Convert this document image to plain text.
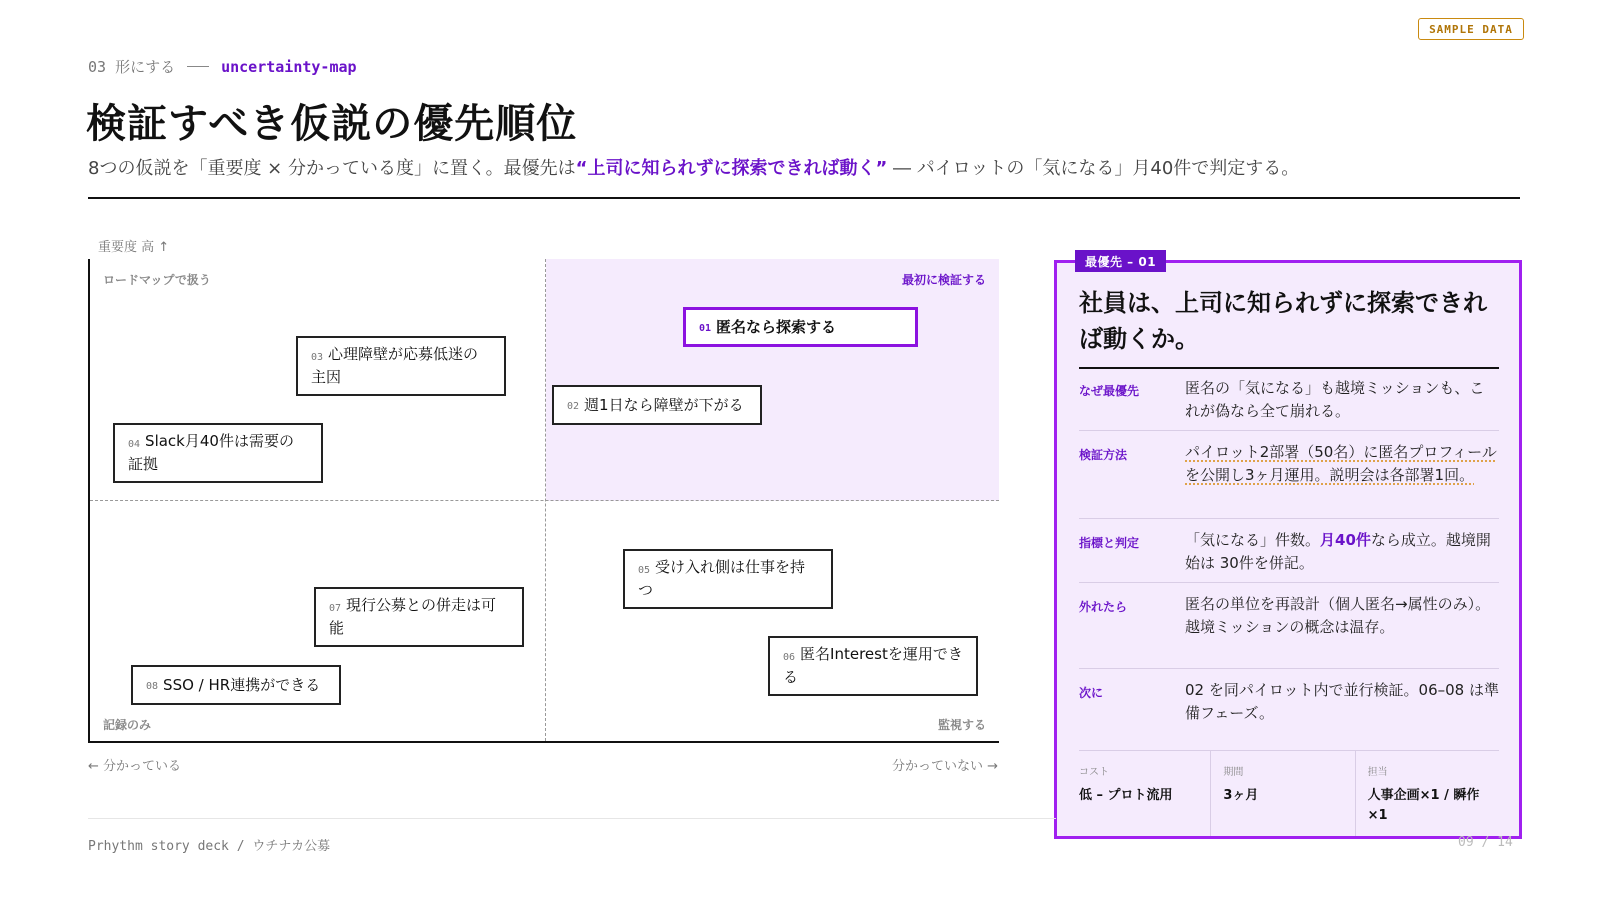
SAMPLE DATA
03 形にする	uncertainty-map
検証すべき仮説の優先順位
8つの仮説を「重要度 × 分かっている度」に置く。最優先は“上司に知られずに探索できれば動く” ― パイロットの「気になる」月40件で判定する。
重要度 高 ↑
ロードマップで扱う	最初に検証する
記録のみ	監視する
01 匿名なら探索する
02 週1日なら障壁が下がる
03 心理障壁が応募低迷の主因
04 Slack月40件は需要の証拠
05 受け入れ側は仕事を持つ
06 匿名Interestを運用できる
07 現行公募との併走は可能
08 SSO / HR連携ができる
← 分かっている	分かっていない →
最優先 – 01
社員は、上司に知られずに探索できれば動くか。
なぜ最優先	匿名の「気になる」も越境ミッションも、これが偽なら全て崩れる。
検証方法	パイロット2部署（50名）に匿名プロフィールを公開し3ヶ月運用。説明会は各部署1回。
指標と判定	「気になる」件数。月40件なら成立。越境開始は 30件を併記。
外れたら	匿名の単位を再設計（個人匿名→属性のみ）。越境ミッションの概念は温存。
次に	02 を同パイロット内で並行検証。06–08 は準備フェーズ。
コスト
低 – プロト流用
期間
3ヶ月
担当
人事企画×1 / 瞬作×1
Prhythm story deck / ウチナカ公募	09 / 14
